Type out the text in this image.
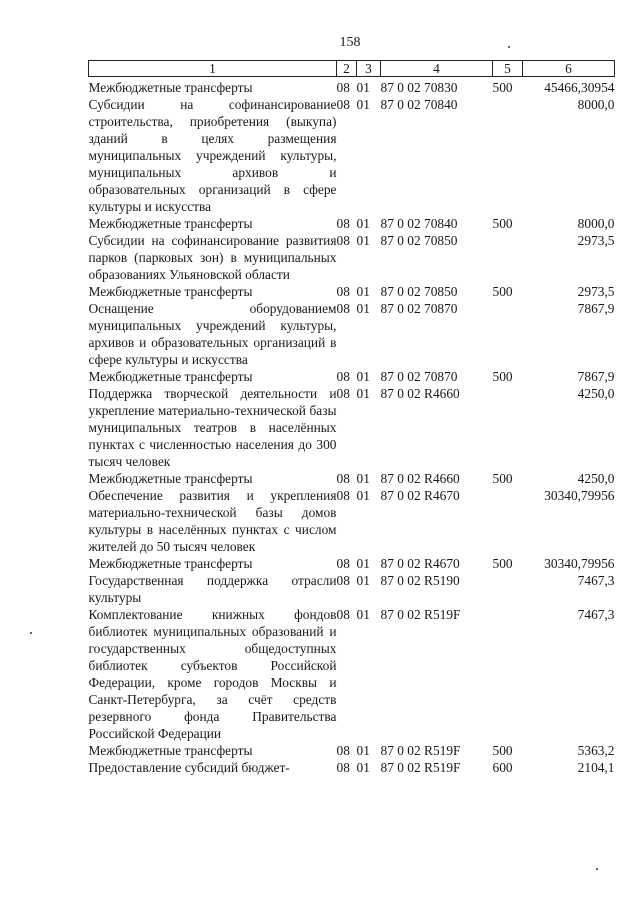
158
1	2	3	4	5	6
Межбюджетные трансферты	08	01	87 0 02 70830	500	45466,30954
Субсидии на софинансирование строительства, приобретения (выкупа) зданий в целях размещения муниципальных учреждений культуры, муниципальных архивов и образовательных организаций в сфере культуры и искусства	08	01	87 0 02 70840		8000,0
Межбюджетные трансферты	08	01	87 0 02 70840	500	8000,0
Субсидии на софинансирование развития парков (парковых зон) в муниципальных образованиях Ульяновской области	08	01	87 0 02 70850		2973,5
Межбюджетные трансферты	08	01	87 0 02 70850	500	2973,5
Оснащение оборудованием муниципальных учреждений культуры, архивов и образовательных организаций в сфере культуры и искусства	08	01	87 0 02 70870		7867,9
Межбюджетные трансферты	08	01	87 0 02 70870	500	7867,9
Поддержка творческой деятельности и укрепление материально-технической базы муниципальных театров в населённых пунктах с численностью населения до 300 тысяч человек	08	01	87 0 02 R4660		4250,0
Межбюджетные трансферты	08	01	87 0 02 R4660	500	4250,0
Обеспечение развития и укрепления материально-технической базы домов культуры в населённых пунктах с числом жителей до 50 тысяч человек	08	01	87 0 02 R4670		30340,79956
Межбюджетные трансферты	08	01	87 0 02 R4670	500	30340,79956
Государственная поддержка отрасли культуры	08	01	87 0 02 R5190		7467,3
Комплектование книжных фондов библиотек муниципальных образований и государственных общедоступных библиотек субъектов Российской Федерации, кроме городов Москвы и Санкт-Петербурга, за счёт средств резервного фонда Правительства Российской Федерации	08	01	87 0 02 R519F		7467,3
Межбюджетные трансферты	08	01	87 0 02 R519F	500	5363,2
Предоставление субсидий бюджет-	08	01	87 0 02 R519F	600	2104,1
